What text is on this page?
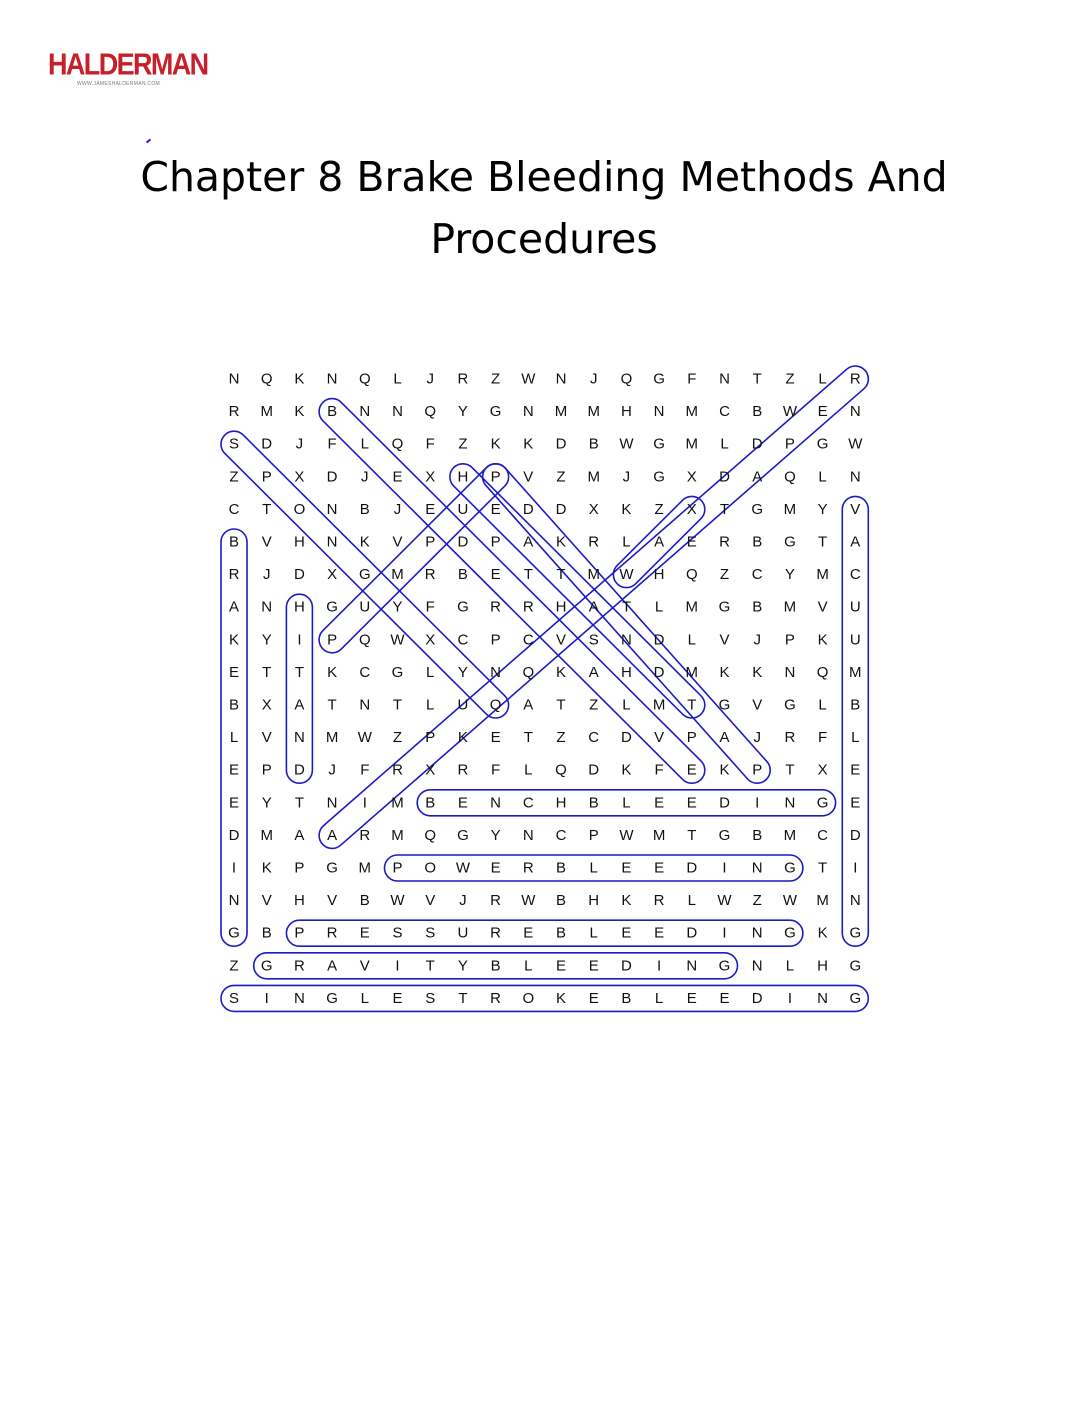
HALDERMAN
WWW.JAMESHALDERMAN.COM
Chapter 8 Brake Bleeding Methods And
Procedures
N Q K N Q L J R Z W N J Q G F N T Z L R
R M K B N N Q Y G N M M H N M C B W E N
S D J F L Q F Z K K D B W G M L D P G W
Z P X D J E X H P V Z M J G X D A Q L N
C T O N B J E U E D D X K Z X T G M Y V
B V H N K V P D P A K R L A E R B G T A
R J D X G M R B E T T M W H Q Z C Y M C
A N H G U Y F G R R H A T L M G B M V U
K Y I P Q W X C P C V S N D L V J P K U
E T T K C G L Y N Q K A H D M K K N Q M
B X A T N T L U Q A T Z L M T G V G L B
L V N M W Z P K E T Z C D V P A J R F L
E P D J F R X R F L Q D K F E K P T X E
E Y T N I M B E N C H B L E E D I N G E
D M A A R M Q G Y N C P W M T G B M C D
I K P G M P O W E R B L E E D I N G T I
N V H V B W V J R W B H K R L W Z W M N
G B P R E S S U R E B L E E D I N G K G
Z G R A V I T Y B L E E D I N G N L H G
S I N G L E S T R O K E B L E E D I N G
